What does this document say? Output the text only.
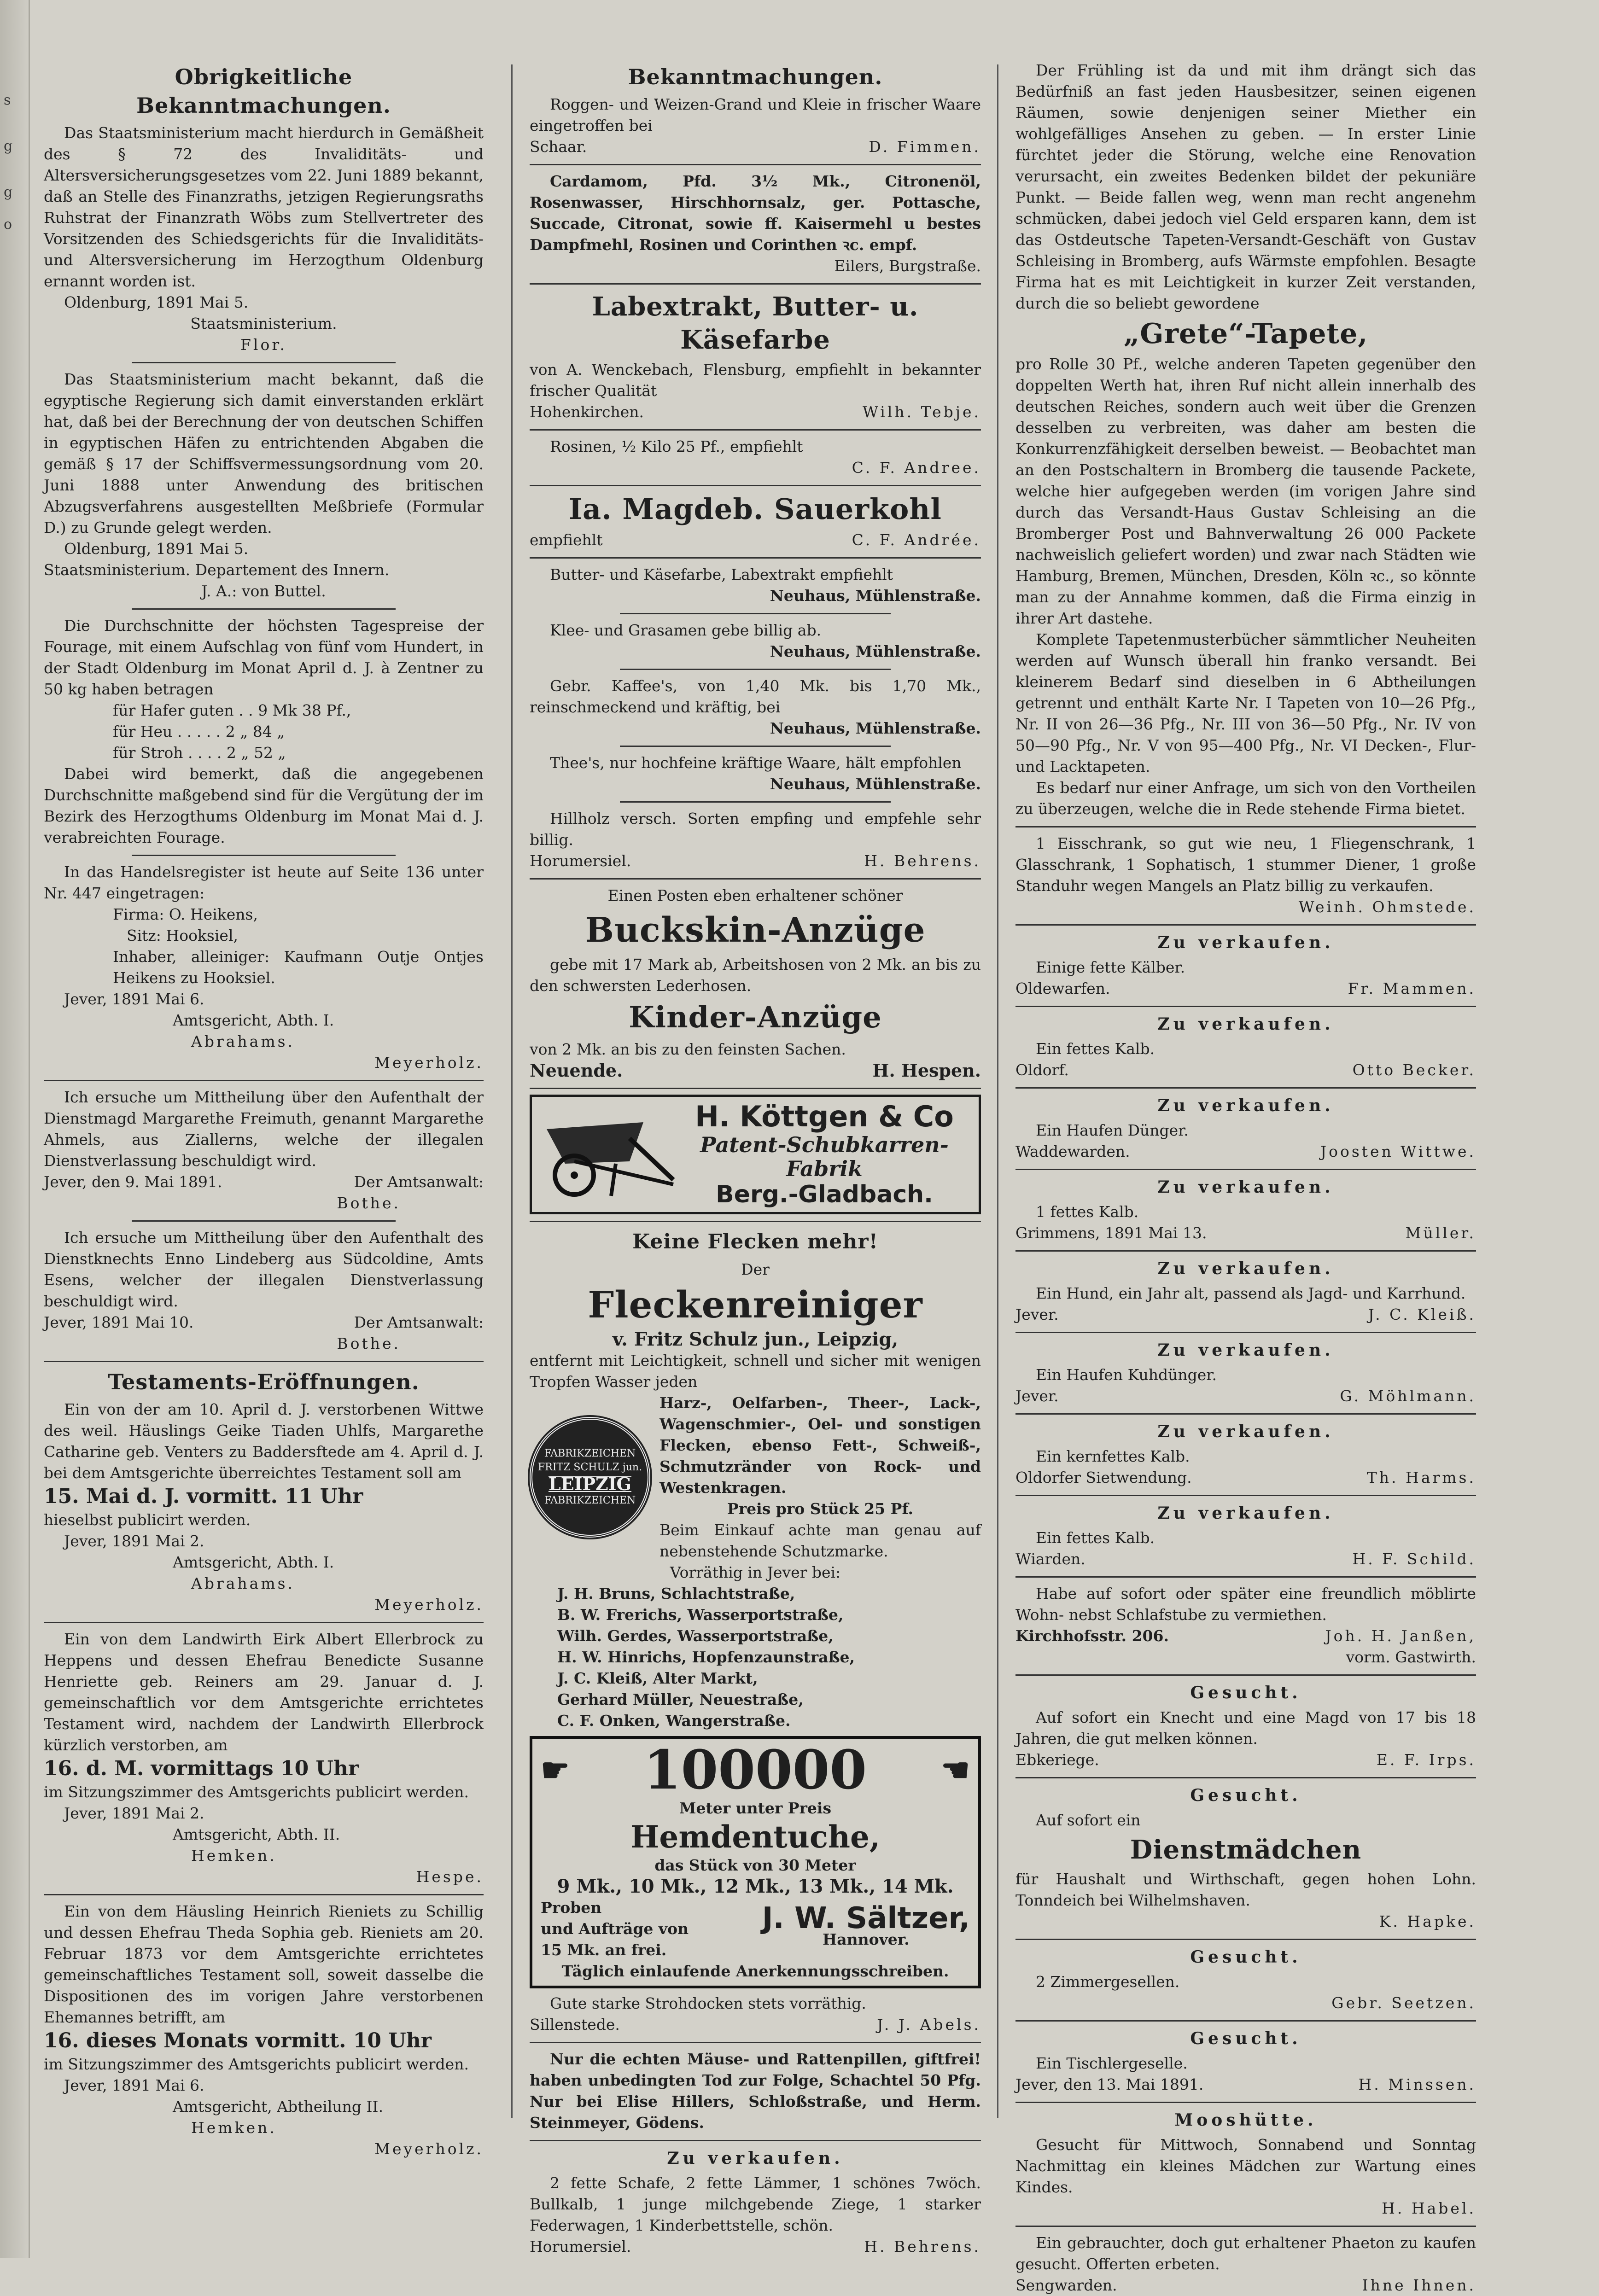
s
g
g
o
Obrigkeitliche Bekanntmachungen.

Das Staatsministerium macht hierdurch in Gemäßheit des § 72 des Invaliditäts- und Altersversicherungsgesetzes vom 22. Juni 1889 bekannt, daß an Stelle des Finanzraths, jetzigen Regierungsraths Ruhstrat der Finanzrath Wöbs zum Stellvertreter des Vorsitzenden des Schiedsgerichts für die Invaliditäts- und Altersversicherung im Herzogthum Oldenburg ernannt worden ist.

Oldenburg, 1891 Mai 5.

Staatsministerium.

Flor.

Das Staatsministerium macht bekannt, daß die egyptische Regierung sich damit einverstanden erklärt hat, daß bei der Berechnung der von deutschen Schiffen in egyptischen Häfen zu entrichtenden Abgaben die gemäß § 17 der Schiffsvermessungsordnung vom 20. Juni 1888 unter Anwendung des britischen Abzugsverfahrens ausgestellten Meßbriefe (Formular D.) zu Grunde gelegt werden.

Oldenburg, 1891 Mai 5.

Staatsministerium. Departement des Innern.

J. A.: von Buttel.

Die Durchschnitte der höchsten Tagespreise der Fourage, mit einem Aufschlag von fünf vom Hundert, in der Stadt Oldenburg im Monat April d. J. à Zentner zu 50 kg haben betragen

für Hafer guten . . 9 Mk 38 Pf.,

für Heu . . . . . 2 „ 84 „

für Stroh . . . . 2 „ 52 „

Dabei wird bemerkt, daß die angegebenen Durchschnitte maßgebend sind für die Vergütung der im Bezirk des Herzogthums Oldenburg im Monat Mai d. J. verabreichten Fourage.

In das Handelsregister ist heute auf Seite 136 unter Nr. 447 eingetragen:

Firma: O. Heikens,

Sitz: Hooksiel,

Inhaber, alleiniger: Kaufmann Outje Ontjes Heikens zu Hooksiel.

Jever, 1891 Mai 6.

Amtsgericht, Abth. I.

Abrahams.

Meyerholz.

Ich ersuche um Mittheilung über den Aufenthalt der Dienstmagd Margarethe Freimuth, genannt Margarethe Ahmels, aus Ziallerns, welche der illegalen Dienstverlassung beschuldigt wird.

Jever, den 9. Mai 1891.	Der Amtsanwalt:

Bothe.

Ich ersuche um Mittheilung über den Aufenthalt des Dienstknechts Enno Lindeberg aus Südcoldine, Amts Esens, welcher der illegalen Dienstverlassung beschuldigt wird.

Jever, 1891 Mai 10.	Der Amtsanwalt:

Bothe.

Testaments-Eröffnungen.

Ein von der am 10. April d. J. verstorbenen Wittwe des weil. Häuslings Geike Tiaden Uhlfs, Margarethe Catharine geb. Venters zu Baddersftede am 4. April d. J. bei dem Amtsgerichte überreichtes Testament soll am

15. Mai d. J. vormitt. 11 Uhr

hieselbst publicirt werden.

Jever, 1891 Mai 2.

Amtsgericht, Abth. I.

Abrahams.

Meyerholz.

Ein von dem Landwirth Eirk Albert Ellerbrock zu Heppens und dessen Ehefrau Benedicte Susanne Henriette geb. Reiners am 29. Januar d. J. gemeinschaftlich vor dem Amtsgerichte errichtetes Testament wird, nachdem der Landwirth Ellerbrock kürzlich verstorben, am

16. d. M. vormittags 10 Uhr

im Sitzungszimmer des Amtsgerichts publicirt werden.

Jever, 1891 Mai 2.

Amtsgericht, Abth. II.

Hemken.

Hespe.

Ein von dem Häusling Heinrich Rieniets zu Schillig und dessen Ehefrau Theda Sophia geb. Rieniets am 20. Februar 1873 vor dem Amtsgerichte errichtetes gemeinschaftliches Testament soll, soweit dasselbe die Dispositionen des im vorigen Jahre verstorbenen Ehemannes betrifft, am

16. dieses Monats vormitt. 10 Uhr

im Sitzungszimmer des Amtsgerichts publicirt werden.

Jever, 1891 Mai 6.

Amtsgericht, Abtheilung II.

Hemken.

Meyerholz.

Bekanntmachungen.

Roggen- und Weizen-Grand und Kleie in frischer Waare eingetroffen bei

Schaar.	D. Fimmen.

Cardamom, Pfd. 3½ Mk., Citronenöl, Rosenwasser, Hirschhornsalz, ger. Pottasche, Succade, Citronat, sowie ff. Kaisermehl u bestes Dampfmehl, Rosinen und Corinthen ꝛc. empf.

Eilers, Burgstraße.

Labextrakt, Butter- u. Käsefarbe

von A. Wenckebach, Flensburg, empfiehlt in bekannter frischer Qualität

Hohenkirchen.	Wilh. Tebje.

Rosinen, ½ Kilo 25 Pf., empfiehlt

C. F. Andree.

Ia. Magdeb. Sauerkohl
empfiehlt	C. F. Andrée.

Butter- und Käsefarbe, Labextrakt empfiehlt

Neuhaus, Mühlenstraße.

Klee- und Grasamen gebe billig ab.

Neuhaus, Mühlenstraße.

Gebr. Kaffee's, von 1,40 Mk. bis 1,70 Mk., reinschmeckend und kräftig, bei

Neuhaus, Mühlenstraße.

Thee's, nur hochfeine kräftige Waare, hält empfohlen

Neuhaus, Mühlenstraße.

Hillholz versch. Sorten empfing und empfehle sehr billig.

Horumersiel.	H. Behrens.

Einen Posten eben erhaltener schöner

Buckskin-Anzüge

gebe mit 17 Mark ab, Arbeitshosen von 2 Mk. an bis zu den schwersten Lederhosen.

Kinder-Anzüge

von 2 Mk. an bis zu den feinsten Sachen.

Neuende.	H. Hespen.
H. Köttgen & Co
Patent-Schubkarren-Fabrik
Berg.-Gladbach.
Keine Flecken mehr!

Der

Fleckenreiniger

v. Fritz Schulz jun., Leipzig,

entfernt mit Leichtigkeit, schnell und sicher mit wenigen Tropfen Wasser jeden

FABRIKZEICHEN
FRITZ SCHULZ jun.
LEIPZIG
FABRIKZEICHEN

Harz-, Oelfarben-, Theer-, Lack-, Wagenschmier-, Oel- und sonstigen Flecken, ebenso Fett-, Schweiß-, Schmutzränder von Rock- und Westenkragen.

Preis pro Stück 25 Pf.

Beim Einkauf achte man genau auf nebenstehende Schutzmarke.

Vorräthig in Jever bei:

J. H. Bruns, Schlachtstraße,

B. W. Frerichs, Wasserportstraße,

Wilh. Gerdes, Wasserportstraße,

H. W. Hinrichs, Hopfenzaunstraße,

J. C. Kleiß, Alter Markt,

Gerhard Müller, Neuestraße,

C. F. Onken, Wangerstraße.

☛ 100000 ☚
Meter unter Preis
Hemdentuche,
das Stück von 30 Meter
9 Mk., 10 Mk., 12 Mk., 13 Mk., 14 Mk.
Proben
und Aufträge von
15 Mk. an frei.
J. W. Sältzer,
Hannover.
Täglich einlaufende Anerkennungsschreiben.

Gute starke Strohdocken stets vorräthig.

Sillenstede.	J. J. Abels.

Nur die echten Mäuse- und Rattenpillen, giftfrei! haben unbedingten Tod zur Folge, Schachtel 50 Pfg. Nur bei Elise Hillers, Schloßstraße, und Herm. Steinmeyer, Gödens.

Zu verkaufen.

2 fette Schafe, 2 fette Lämmer, 1 schönes 7wöch. Bullkalb, 1 junge milchgebende Ziege, 1 starker Federwagen, 1 Kinderbettstelle, schön.

Horumersiel.	H. Behrens.

Der Frühling ist da und mit ihm drängt sich das Bedürfniß an fast jeden Hausbesitzer, seinen eigenen Räumen, sowie denjenigen seiner Miether ein wohlgefälliges Ansehen zu geben. — In erster Linie fürchtet jeder die Störung, welche eine Renovation verursacht, ein zweites Bedenken bildet der pekuniäre Punkt. — Beide fallen weg, wenn man recht angenehm schmücken, dabei jedoch viel Geld ersparen kann, dem ist das Ostdeutsche Tapeten-Versandt-Geschäft von Gustav Schleising in Bromberg, aufs Wärmste empfohlen. Besagte Firma hat es mit Leichtigkeit in kurzer Zeit verstanden, durch die so beliebt gewordene

„Grete“-Tapete,

pro Rolle 30 Pf., welche anderen Tapeten gegenüber den doppelten Werth hat, ihren Ruf nicht allein innerhalb des deutschen Reiches, sondern auch weit über die Grenzen desselben zu verbreiten, was daher am besten die Konkurrenzfähigkeit derselben beweist. — Beobachtet man an den Postschaltern in Bromberg die tausende Packete, welche hier aufgegeben werden (im vorigen Jahre sind durch das Versandt-Haus Gustav Schleising an die Bromberger Post und Bahnverwaltung 26 000 Packete nachweislich geliefert worden) und zwar nach Städten wie Hamburg, Bremen, München, Dresden, Köln ꝛc., so könnte man zu der Annahme kommen, daß die Firma einzig in ihrer Art dastehe.

Komplete Tapetenmusterbücher sämmtlicher Neuheiten werden auf Wunsch überall hin franko versandt. Bei kleinerem Bedarf sind dieselben in 6 Abtheilungen getrennt und enthält Karte Nr. I Tapeten von 10—26 Pfg., Nr. II von 26—36 Pfg., Nr. III von 36—50 Pfg., Nr. IV von 50—90 Pfg., Nr. V von 95—400 Pfg., Nr. VI Decken-, Flur- und Lacktapeten.

Es bedarf nur einer Anfrage, um sich von den Vortheilen zu überzeugen, welche die in Rede stehende Firma bietet.

1 Eisschrank, so gut wie neu, 1 Fliegenschrank, 1 Glasschrank, 1 Sophatisch, 1 stummer Diener, 1 große Standuhr wegen Mangels an Platz billig zu verkaufen.

Weinh. Ohmstede.

Zu verkaufen.

Einige fette Kälber.

Oldewarfen.	Fr. Mammen.
Zu verkaufen.

Ein fettes Kalb.

Oldorf.	Otto Becker.
Zu verkaufen.

Ein Haufen Dünger.

Waddewarden.	Joosten Wittwe.
Zu verkaufen.

1 fettes Kalb.

Grimmens, 1891 Mai 13.	Müller.
Zu verkaufen.

Ein Hund, ein Jahr alt, passend als Jagd- und Karrhund.

Jever.	J. C. Kleiß.
Zu verkaufen.

Ein Haufen Kuhdünger.

Jever.	G. Möhlmann.
Zu verkaufen.

Ein kernfettes Kalb.

Oldorfer Sietwendung.	Th. Harms.
Zu verkaufen.

Ein fettes Kalb.

Wiarden.	H. F. Schild.

Habe auf sofort oder später eine freundlich möblirte Wohn- nebst Schlafstube zu vermiethen.

Kirchhofsstr. 206.	Joh. H. Janßen,

vorm. Gastwirth.

Gesucht.

Auf sofort ein Knecht und eine Magd von 17 bis 18 Jahren, die gut melken können.

Ebkeriege.	E. F. Irps.
Gesucht.

Auf sofort ein

Dienstmädchen

für Haushalt und Wirthschaft, gegen hohen Lohn. Tonndeich bei Wilhelmshaven.

K. Hapke.

Gesucht.

2 Zimmergesellen.

Gebr. Seetzen.

Gesucht.

Ein Tischlergeselle.

Jever, den 13. Mai 1891.	H. Minssen.
Mooshütte.

Gesucht für Mittwoch, Sonnabend und Sonntag Nachmittag ein kleines Mädchen zur Wartung eines Kindes.

H. Habel.

Ein gebrauchter, doch gut erhaltener Phaeton zu kaufen gesucht. Offerten erbeten.

Sengwarden.	Ihne Ihnen.
